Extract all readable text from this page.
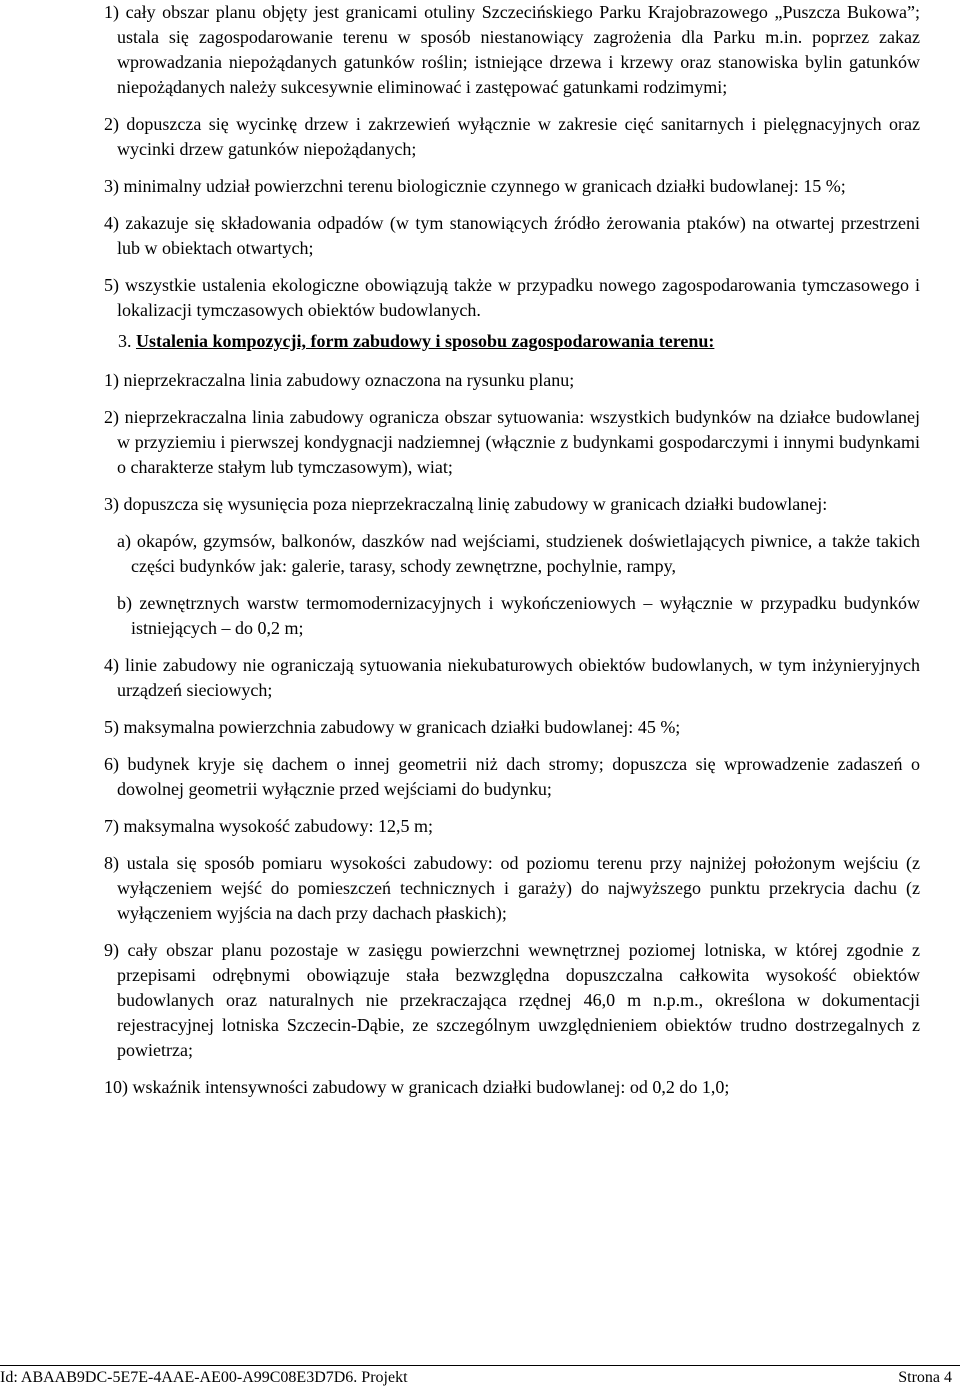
1) cały obszar planu objęty jest granicami otuliny Szczecińskiego Parku Krajobrazowego „Puszcza Bukowa”; ustala się zagospodarowanie terenu w sposób niestanowiący zagrożenia dla Parku m.in. poprzez zakaz wprowadzania niepożądanych gatunków roślin; istniejące drzewa i krzewy oraz stanowiska bylin gatunków niepożądanych należy sukcesywnie eliminować i zastępować gatunkami rodzimymi;
2) dopuszcza się wycinkę drzew i zakrzewień wyłącznie w zakresie cięć sanitarnych i pielęgnacyjnych oraz wycinki drzew gatunków niepożądanych;
3) minimalny udział powierzchni terenu biologicznie czynnego w granicach działki budowlanej: 15 %;
4) zakazuje się składowania odpadów (w tym stanowiących źródło żerowania ptaków) na otwartej przestrzeni lub w obiektach otwartych;
5) wszystkie ustalenia ekologiczne obowiązują także w przypadku nowego zagospodarowania tymczasowego i lokalizacji tymczasowych obiektów budowlanych.
3. Ustalenia kompozycji, form zabudowy i sposobu zagospodarowania terenu:
1) nieprzekraczalna linia zabudowy oznaczona na rysunku planu;
2) nieprzekraczalna linia zabudowy ogranicza obszar sytuowania: wszystkich budynków na działce budowlanej w przyziemiu i pierwszej kondygnacji nadziemnej (włącznie z budynkami gospodarczymi i innymi budynkami o charakterze stałym lub tymczasowym), wiat;
3) dopuszcza się wysunięcia poza nieprzekraczalną linię zabudowy w granicach działki budowlanej:
a) okapów, gzymsów, balkonów, daszków nad wejściami, studzienek doświetlających piwnice, a także takich części budynków jak: galerie, tarasy, schody zewnętrzne, pochylnie, rampy,
b) zewnętrznych warstw termomodernizacyjnych i wykończeniowych – wyłącznie w przypadku budynków istniejących – do 0,2 m;
4) linie zabudowy nie ograniczają sytuowania niekubaturowych obiektów budowlanych, w tym inżynieryjnych urządzeń sieciowych;
5) maksymalna powierzchnia zabudowy w granicach działki budowlanej: 45 %;
6) budynek kryje się dachem o innej geometrii niż dach stromy; dopuszcza się wprowadzenie zadaszeń o dowolnej geometrii wyłącznie przed wejściami do budynku;
7) maksymalna wysokość zabudowy: 12,5 m;
8) ustala się sposób pomiaru wysokości zabudowy: od poziomu terenu przy najniżej położonym wejściu (z wyłączeniem wejść do pomieszczeń technicznych i garaży) do najwyższego punktu przekrycia dachu (z wyłączeniem wyjścia na dach przy dachach płaskich);
9) cały obszar planu pozostaje w zasięgu powierzchni wewnętrznej poziomej lotniska, w której zgodnie z przepisami odrębnymi obowiązuje stała bezwzględna dopuszczalna całkowita wysokość obiektów budowlanych oraz naturalnych nie przekraczająca rzędnej 46,0 m n.p.m., określona w dokumentacji rejestracyjnej lotniska Szczecin-Dąbie, ze szczególnym uwzględnieniem obiektów trudno dostrzegalnych z powietrza;
10) wskaźnik intensywności zabudowy w granicach działki budowlanej: od 0,2 do 1,0;
Id: ABAAB9DC-5E7E-4AAE-AE00-A99C08E3D7D6. Projekt	Strona 4
